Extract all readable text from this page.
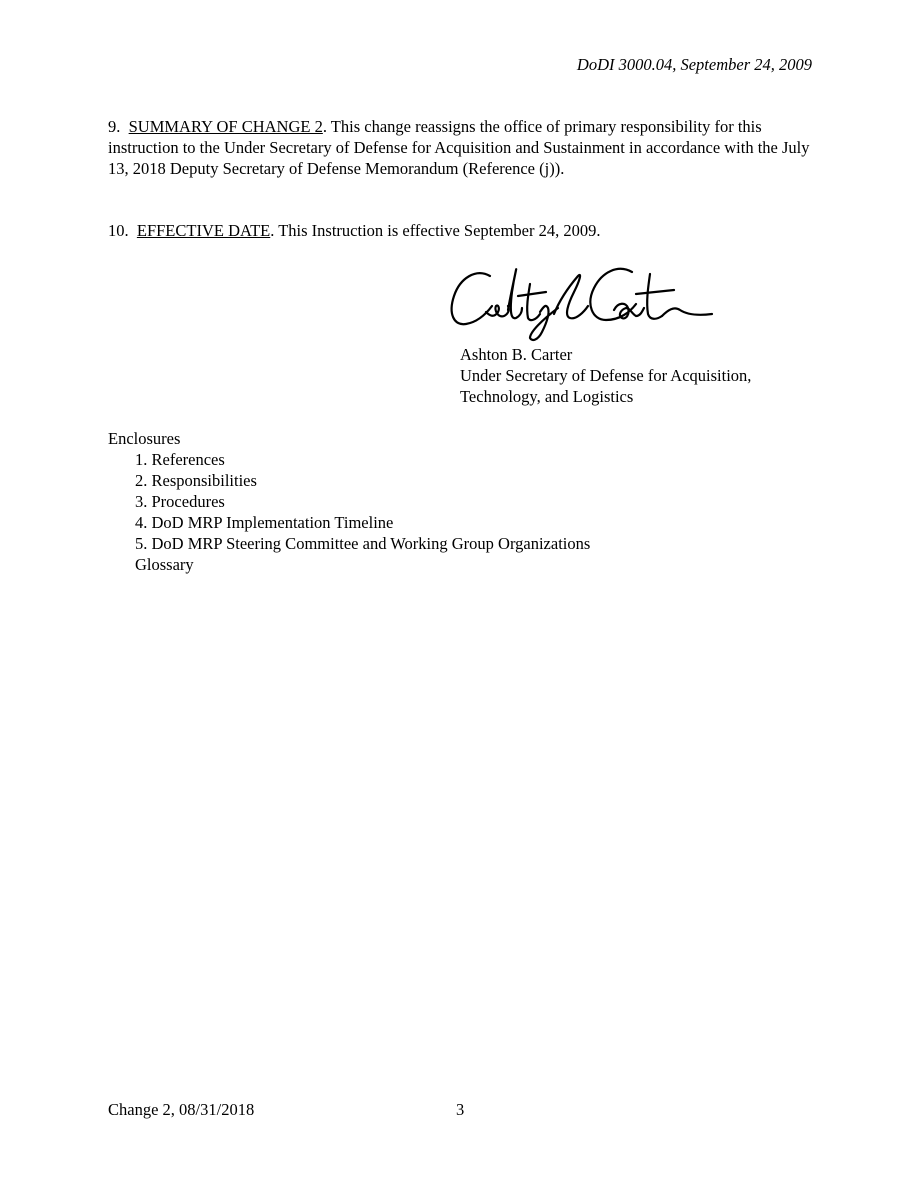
DoDI 3000.04, September 24, 2009

9. SUMMARY OF CHANGE 2. This change reassigns the office of primary responsibility for this instruction to the Under Secretary of Defense for Acquisition and Sustainment in accordance with the July 13, 2018 Deputy Secretary of Defense Memorandum (Reference (j)).

10. EFFECTIVE DATE. This Instruction is effective September 24, 2009.

Ashton B. Carter
Under Secretary of Defense for Acquisition,
Technology, and Logistics
Enclosures
1. References
2. Responsibilities
3. Procedures
4. DoD MRP Implementation Timeline
5. DoD MRP Steering Committee and Working Group Organizations
Glossary
Change 2, 08/31/2018	3
